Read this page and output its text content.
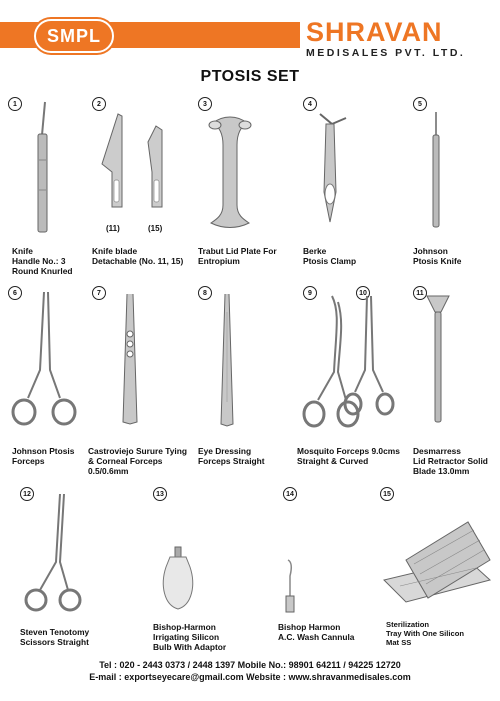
SMPL	SHRAVAN
MEDISALES PVT. LTD.
PTOSIS SET
1
Knife
Handle No.: 3
Round Knurled
2
(11)	(15)
Knife blade
Detachable (No. 11, 15)
3
Trabut Lid Plate For
Entropium
4
Berke
Ptosis Clamp
5
Johnson
Ptosis Knife
6
Johnson Ptosis
Forceps
7
Castroviejo Surure Tying
& Corneal Forceps
0.5/0.6mm
8
Eye Dressing
Forceps Straight
9	10
Mosquito Forceps 9.0cms
Straight & Curved
11
Desmarress
Lid Retractor Solid
Blade 13.0mm
12
Steven Tenotomy
Scissors Straight
13
Bishop-Harmon
Irrigating Silicon
Bulb With Adaptor
14
Bishop Harmon
A.C. Wash Cannula
15
Sterilization
Tray With One Silicon
Mat SS
Tel : 020 - 2443 0373 / 2448 1397 Mobile No.: 98901 64211 / 94225 12720
E-mail : exportseyecare@gmail.com Website : www.shravanmedisales.com
